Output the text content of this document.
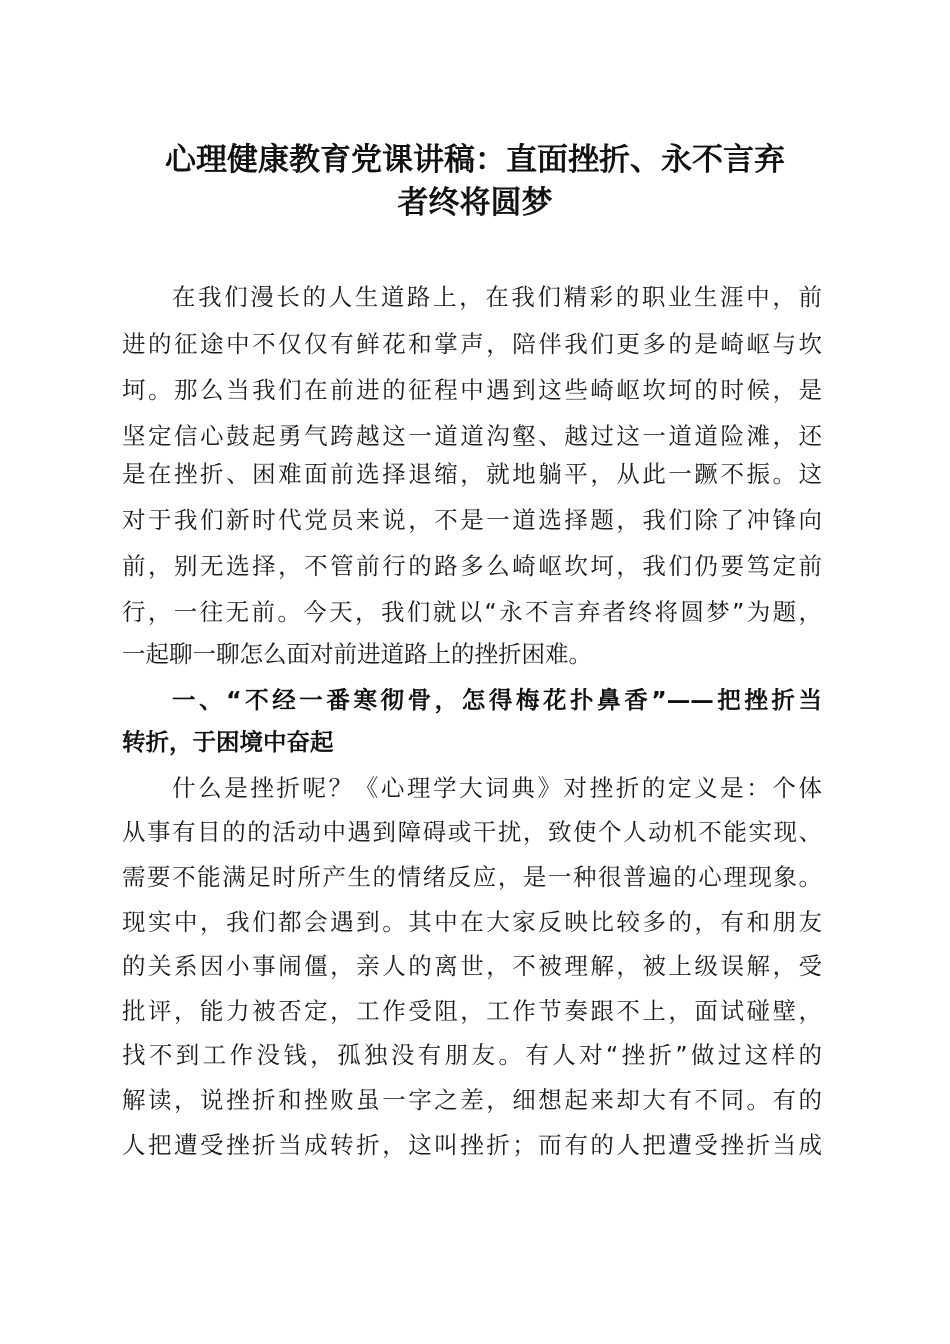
心理健康教育党课讲稿：直面挫折、永不言弃
者终将圆梦
在我们漫长的人生道路上，在我们精彩的职业生涯中，前
进的征途中不仅仅有鲜花和掌声，陪伴我们更多的是崎岖与坎
坷。那么当我们在前进的征程中遇到这些崎岖坎坷的时候，是
坚定信心鼓起勇气跨越这一道道沟壑、越过这一道道险滩，还
是在挫折、困难面前选择退缩，就地躺平，从此一蹶不振。这
对于我们新时代党员来说，不是一道选择题，我们除了冲锋向
前，别无选择，不管前行的路多么崎岖坎坷，我们仍要笃定前
行，一往无前。今天，我们就以“永不言弃者终将圆梦”为题，
一起聊一聊怎么面对前进道路上的挫折困难。
一、“不经一番寒彻骨，怎得梅花扑鼻香”——把挫折当
转折，于困境中奋起
什么是挫折呢？《心理学大词典》对挫折的定义是：个体
从事有目的的活动中遇到障碍或干扰，致使个人动机不能实现、
需要不能满足时所产生的情绪反应，是一种很普遍的心理现象。
现实中，我们都会遇到。其中在大家反映比较多的，有和朋友
的关系因小事闹僵，亲人的离世，不被理解，被上级误解，受
批评，能力被否定，工作受阻，工作节奏跟不上，面试碰壁，
找不到工作没钱，孤独没有朋友。有人对“挫折”做过这样的
解读，说挫折和挫败虽一字之差，细想起来却大有不同。有的
人把遭受挫折当成转折，这叫挫折；而有的人把遭受挫折当成
